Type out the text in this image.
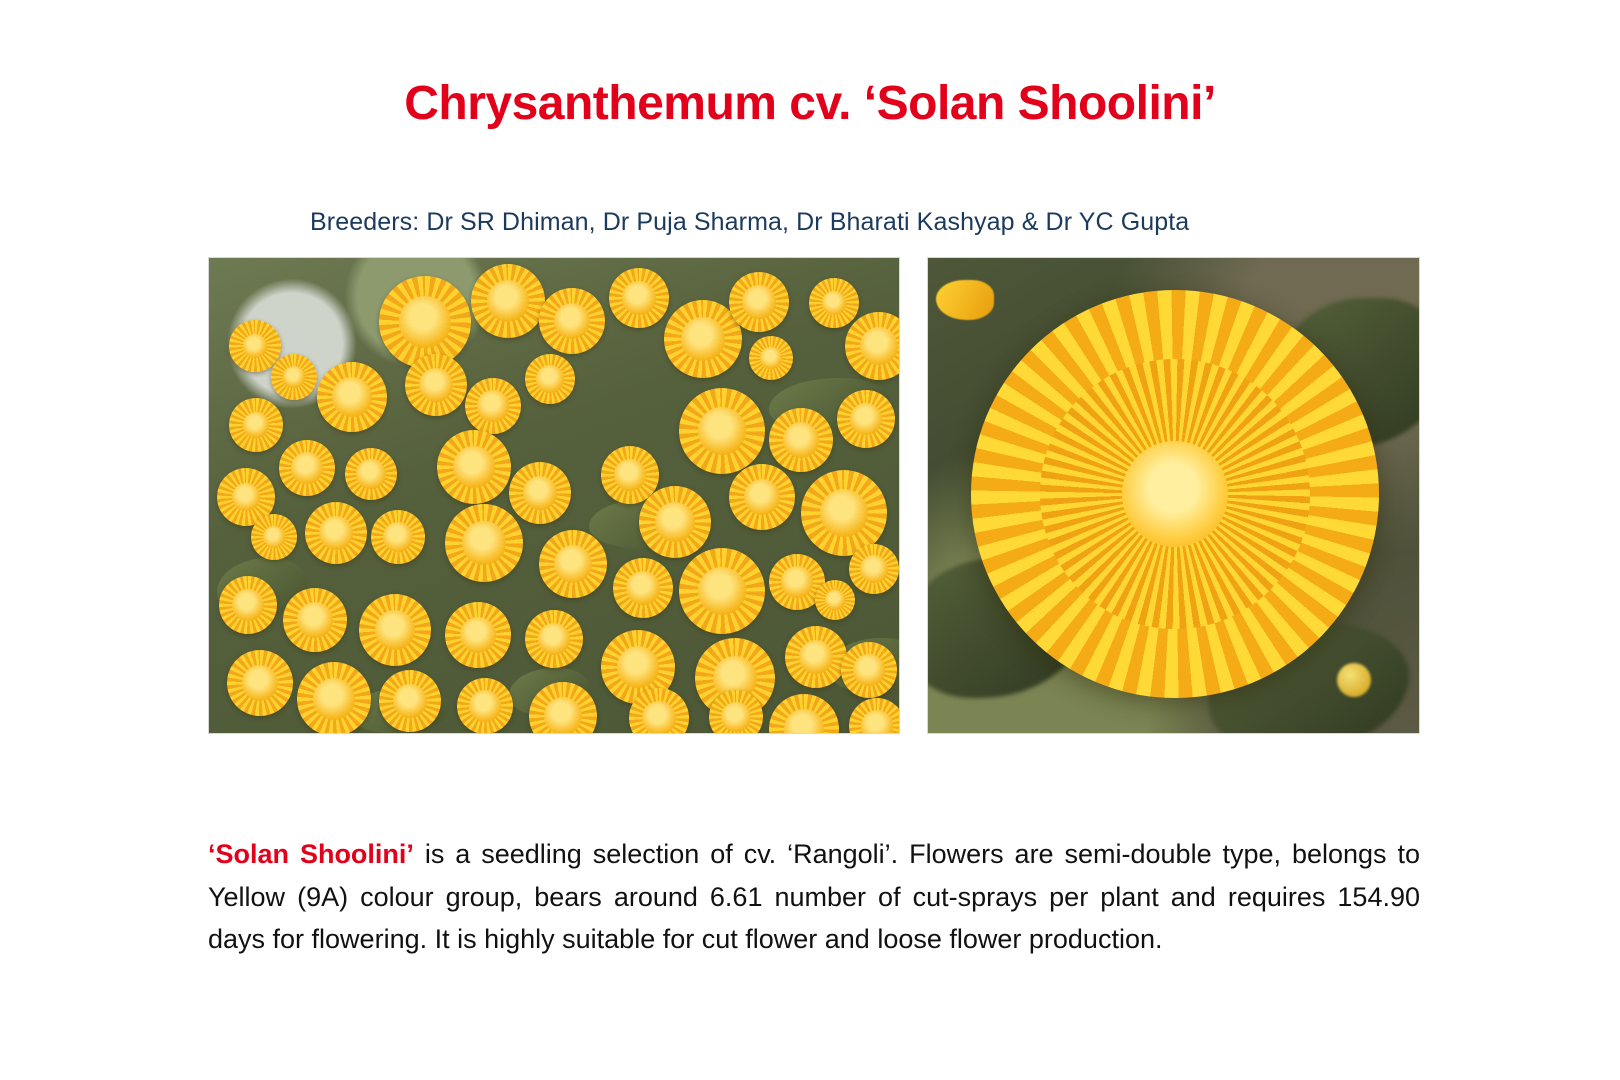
Chrysanthemum cv. ‘Solan Shoolini’
Breeders: Dr SR Dhiman, Dr Puja Sharma, Dr Bharati Kashyap & Dr YC Gupta

‘Solan Shoolini’ is a seedling selection of cv. ‘Rangoli’. Flowers are semi-double type, belongs to Yellow (9A) colour group, bears around 6.61 number of cut-sprays per plant and requires 154.90 days for flowering. It is highly suitable for cut flower and loose flower production.
